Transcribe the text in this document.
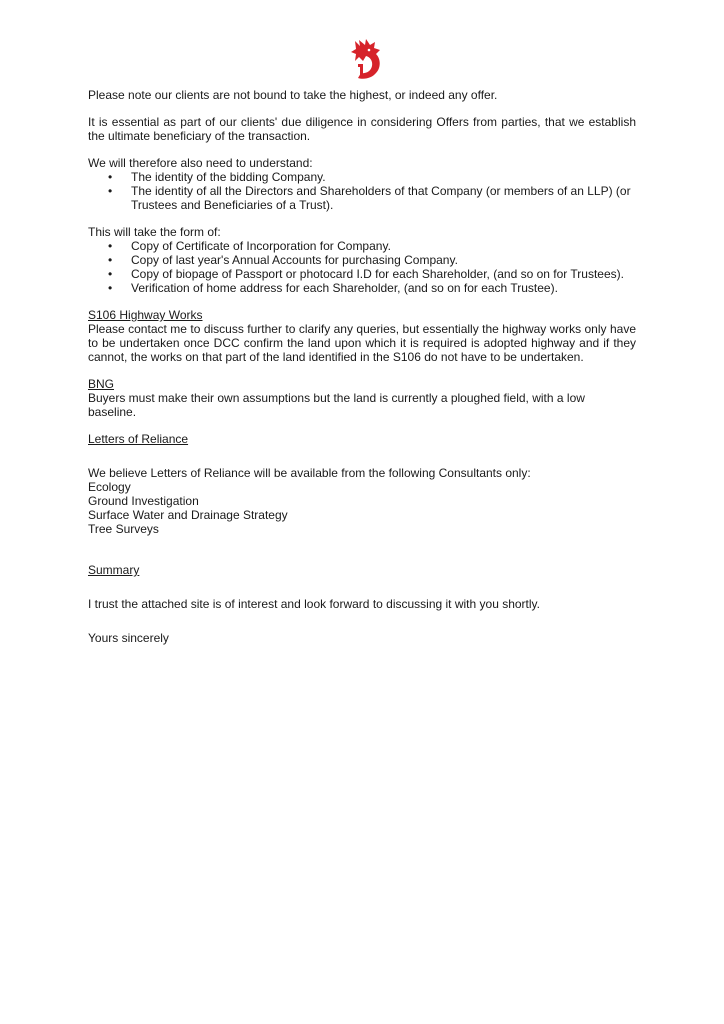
Please note our clients are not bound to take the highest, or indeed any offer.

It is essential as part of our clients' due diligence in considering Offers from parties, that we establish the ultimate beneficiary of the transaction.

We will therefore also need to understand:

• The identity of the bidding Company.
• The identity of all the Directors and Shareholders of that Company (or members of an LLP) (or Trustees and Beneficiaries of a Trust).

This will take the form of:

• Copy of Certificate of Incorporation for Company.
• Copy of last year's Annual Accounts for purchasing Company.
• Copy of biopage of Passport or photocard I.D for each Shareholder, (and so on for Trustees).
• Verification of home address for each Shareholder, (and so on for each Trustee).

S106 Highway Works

Please contact me to discuss further to clarify any queries, but essentially the highway works only have to be undertaken once DCC confirm the land upon which it is required is adopted highway and if they cannot, the works on that part of the land identified in the S106 do not have to be undertaken.

BNG

Buyers must make their own assumptions but the land is currently a ploughed field, with a low baseline.

Letters of Reliance

We believe Letters of Reliance will be available from the following Consultants only:

Ecology
Ground Investigation
Surface Water and Drainage Strategy
Tree Surveys

Summary

I trust the attached site is of interest and look forward to discussing it with you shortly.

Yours sincerely
